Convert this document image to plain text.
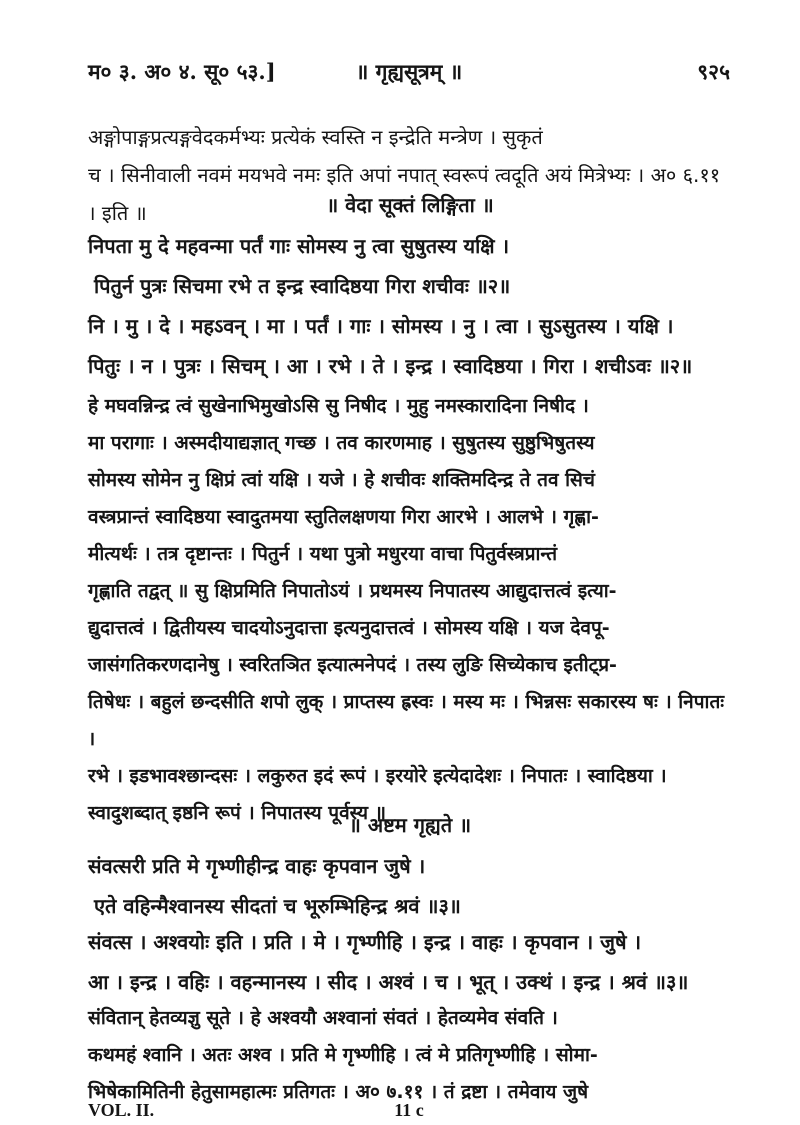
म० ३. अ० ४. सू० ५३.]	॥ गृह्यसूत्रम् ॥	९२५
अङ्गोपाङ्गप्रत्यङ्गवेदकर्मभ्यः प्रत्येकं स्वस्ति न इन्द्रेति मन्त्रेण । सुकृतं
च । सिनीवाली नवमं मयभवे नमः इति अपां नपात् स्वरूपं त्वदूति अयं मित्रेभ्यः । अ० ६.११ । इति ॥	॥ वेदा सूक्तं लिङ्गिता ॥
निपता मु दे महवन्मा पर्तं गाः सोमस्य नु त्वा सुषुतस्य यक्षि ।
पितुर्न पुत्रः सिचमा रभे त इन्द्र स्वादिष्ठया गिरा शचीवः ॥२॥
नि । मु । दे । महऽवन् । मा । पर्तं । गाः । सोमस्य । नु । त्वा । सुऽसुतस्य । यक्षि ।
पितुः । न । पुत्रः । सिचम् । आ । रभे । ते । इन्द्र । स्वादिष्ठया । गिरा । शचीऽवः ॥२॥
हे मघवन्निन्द्र त्वं सुखेनाभिमुखोऽसि सु निषीद । मुहु नमस्कारादिना निषीद ।
मा परागाः । अस्मदीयाद्यज्ञात् गच्छ । तव कारणमाह । सुषुतस्य सुष्ठुभिषुतस्य
सोमस्य सोमेन नु क्षिप्रं त्वां यक्षि । यजे । हे शचीवः शक्तिमदिन्द्र ते तव सिचं
वस्त्रप्रान्तं स्वादिष्ठया स्वादुतमया स्तुतिलक्षणया गिरा आरभे । आलभे । गृह्णा-
मीत्यर्थः । तत्र दृष्टान्तः । पितुर्न । यथा पुत्रो मधुरया वाचा पितुर्वस्त्रप्रान्तं
गृह्णाति तद्वत् ॥ सु क्षिप्रमिति निपातोऽयं । प्रथमस्य निपातस्य आद्युदात्तत्वं इत्या-
द्युदात्तत्वं । द्वितीयस्य चादयोऽनुदात्ता इत्यनुदात्तत्वं । सोमस्य यक्षि । यज देवपू-
जासंगतिकरणदानेषु । स्वरितञित इत्यात्मनेपदं । तस्य लुङि सिच्येकाच इतीट्प्र-
तिषेधः । बहुलं छन्दसीति शपो लुक् । प्राप्तस्य ह्रस्वः । मस्य मः । भिन्नसः सकारस्य षः । निपातः ।
रभे । इडभावश्छान्दसः । लकुरुत इदं रूपं । इरयोरे इत्येदादेशः । निपातः । स्वादिष्ठया ।
स्वादुशब्दात् इष्ठनि रूपं । निपातस्य पूर्वस्य ॥
॥ अष्टम गृह्यते ॥
संवत्सरी प्रति मे गृभ्णीहीन्द्र वाहः कृपवान जुषे ।
एते वहिन्मैश्वानस्य सीदतां च भूरुम्भिहिन्द्र श्रवं ॥३॥
संवत्स । अश्वयोः इति । प्रति । मे । गृभ्णीहि । इन्द्र । वाहः । कृपवान । जुषे ।
आ । इन्द्र । वहिः । वहन्मानस्य । सीद । अश्वं । च । भूत् । उक्थं । इन्द्र । श्रवं ॥३॥
संवितान् हेतव्यज्ञु सूते । हे अश्वयौ अश्वानां संवतं । हेतव्यमेव संवति ।
कथमहं श्वानि । अतः अश्व । प्रति मे गृभ्णीहि । त्वं मे प्रतिगृभ्णीहि । सोमा-
भिषेकामितिनी हेतुसामहात्मः प्रतिगतः । अ० ७.११ । तं द्रष्टा । तमेवाय जुषे
VOL. II.	11 c
